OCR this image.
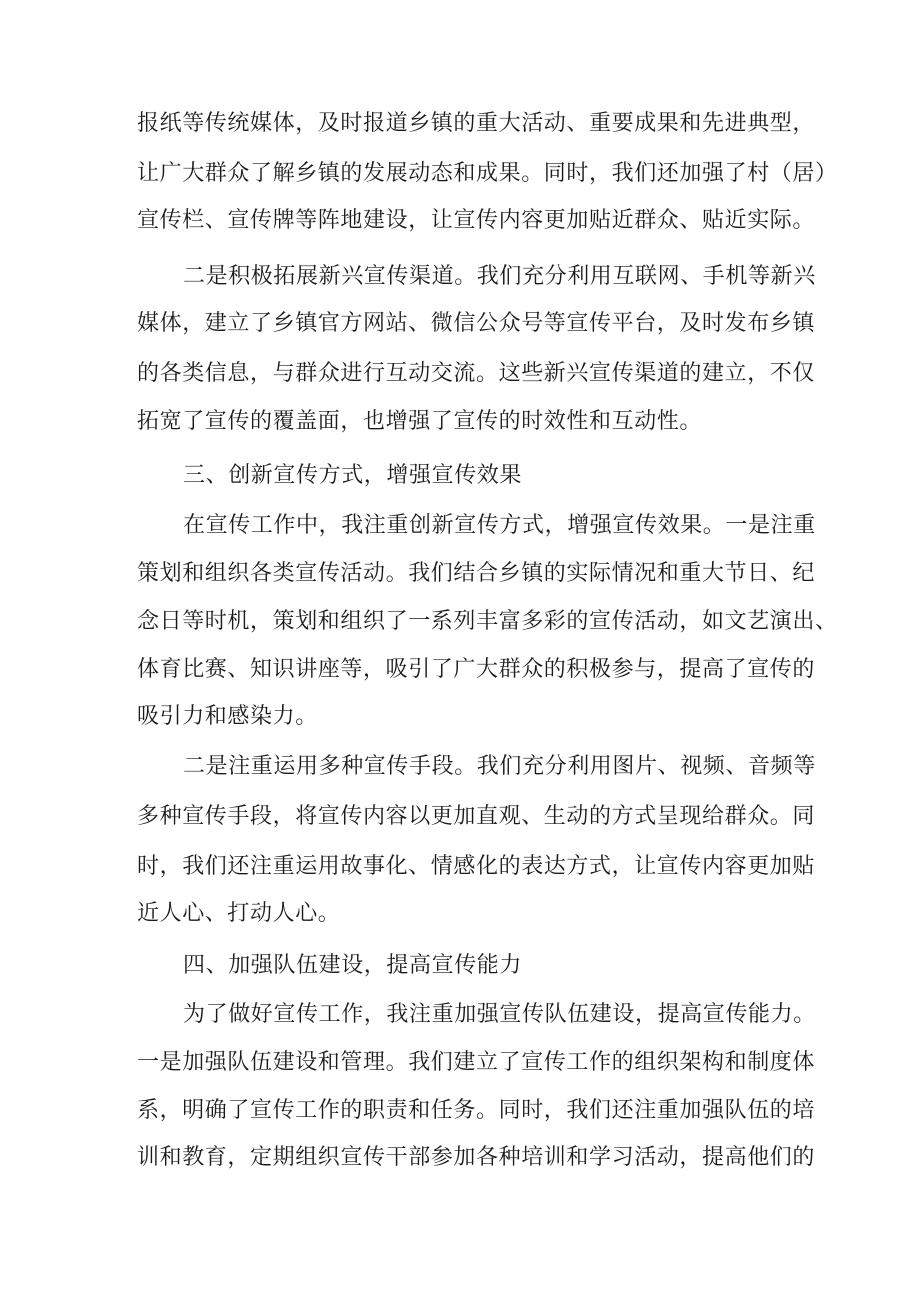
报纸等传统媒体，及时报道乡镇的重大活动、重要成果和先进典型，
让广大群众了解乡镇的发展动态和成果。同时，我们还加强了村（居）
宣传栏、宣传牌等阵地建设，让宣传内容更加贴近群众、贴近实际。
二是积极拓展新兴宣传渠道。我们充分利用互联网、手机等新兴
媒体，建立了乡镇官方网站、微信公众号等宣传平台，及时发布乡镇
的各类信息，与群众进行互动交流。这些新兴宣传渠道的建立，不仅
拓宽了宣传的覆盖面，也增强了宣传的时效性和互动性。
三、创新宣传方式，增强宣传效果
在宣传工作中，我注重创新宣传方式，增强宣传效果。一是注重
策划和组织各类宣传活动。我们结合乡镇的实际情况和重大节日、纪
念日等时机，策划和组织了一系列丰富多彩的宣传活动，如文艺演出、
体育比赛、知识讲座等，吸引了广大群众的积极参与，提高了宣传的
吸引力和感染力。
二是注重运用多种宣传手段。我们充分利用图片、视频、音频等
多种宣传手段，将宣传内容以更加直观、生动的方式呈现给群众。同
时，我们还注重运用故事化、情感化的表达方式，让宣传内容更加贴
近人心、打动人心。
四、加强队伍建设，提高宣传能力
为了做好宣传工作，我注重加强宣传队伍建设，提高宣传能力。
一是加强队伍建设和管理。我们建立了宣传工作的组织架构和制度体
系，明确了宣传工作的职责和任务。同时，我们还注重加强队伍的培
训和教育，定期组织宣传干部参加各种培训和学习活动，提高他们的
